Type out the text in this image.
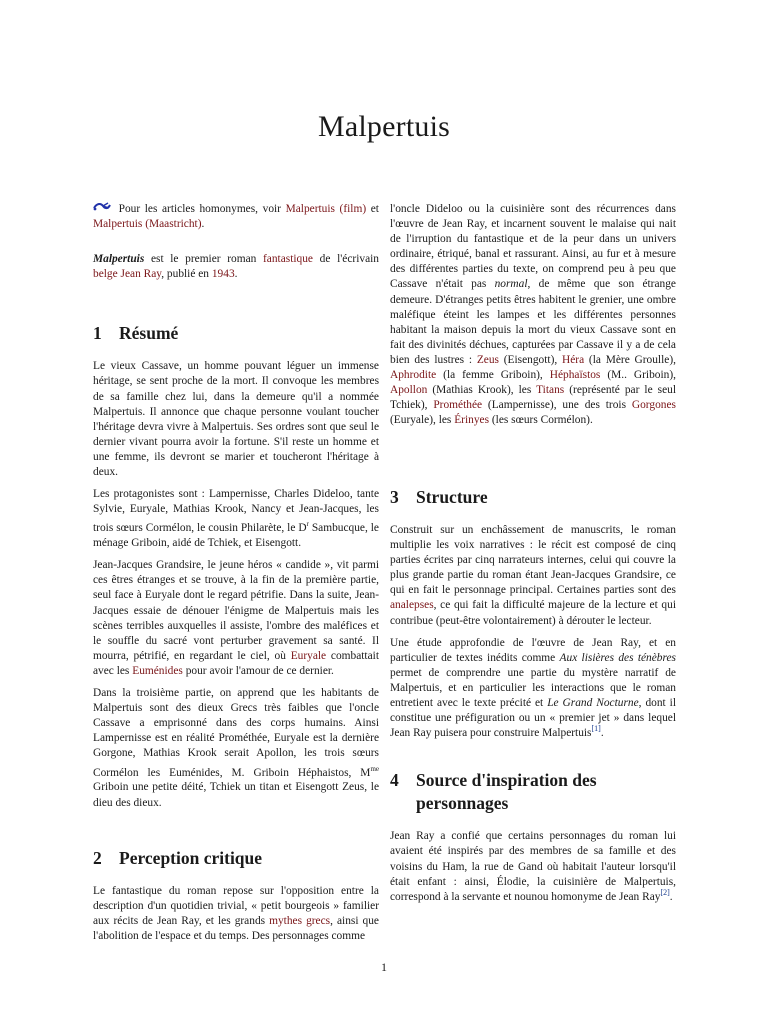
Malpertuis

Pour les articles homonymes, voir Malpertuis (film) et Malpertuis (Maastricht).

Malpertuis est le premier roman fantastique de l'écrivain belge Jean Ray, publié en 1943.

1 Résumé

Le vieux Cassave, un homme pouvant léguer un immense héritage, se sent proche de la mort. Il convoque les membres de sa famille chez lui, dans la demeure qu'il a nommée Malpertuis. Il annonce que chaque personne voulant toucher l'héritage devra vivre à Malpertuis. Ses ordres sont que seul le dernier vivant pourra avoir la fortune. S'il reste un homme et une femme, ils devront se marier et toucheront l'héritage à deux.

Les protagonistes sont : Lampernisse, Charles Dideloo, tante Sylvie, Euryale, Mathias Krook, Nancy et Jean-Jacques, les trois sœurs Cormélon, le cousin Philarète, le $D^r$ Sambucque, le ménage Griboin, aidé de Tchiek, et Eisengott.

Jean-Jacques Grandsire, le jeune héros « candide », vit parmi ces êtres étranges et se trouve, à la fin de la première partie, seul face à Euryale dont le regard pétrifie. Dans la suite, Jean-Jacques essaie de dénouer l'énigme de Malpertuis mais les scènes terribles auxquelles il assiste, l'ombre des maléfices et le souffle du sacré vont perturber gravement sa santé. Il mourra, pétrifié, en regardant le ciel, où Euryale combattait avec les Euménides pour avoir l'amour de ce dernier.

Dans la troisième partie, on apprend que les habitants de Malpertuis sont des dieux Grecs très faibles que l'oncle Cassave a emprisonné dans des corps humains. Ainsi Lampernisse est en réalité Prométhée, Euryale est la dernière Gorgone, Mathias Krook serait Apollon, les trois sœurs Cormélon les Euménides, M. Griboin Héphaistos, $M^{me}$ Griboin une petite déité, Tchiek un titan et Eisengott Zeus, le dieu des dieux.

2 Perception critique

Le fantastique du roman repose sur l'opposition entre la description d'un quotidien trivial, « petit bourgeois » familier aux récits de Jean Ray, et les grands mythes grecs, ainsi que l'abolition de l'espace et du temps. Des personnages comme

3 Structure

Construit sur un enchâssement de manuscrits, le roman multiplie les voix narratives : le récit est composé de cinq parties écrites par cinq narrateurs internes, celui qui couvre la plus grande partie du roman étant Jean-Jacques Grandsire, ce qui en fait le personnage principal. Certaines parties sont des analepses, ce qui fait la difficulté majeure de la lecture et qui contribue (peut-être volontairement) à dérouter le lecteur.

Une étude approfondie de l'œuvre de Jean Ray, et en particulier de textes inédits comme Aux lisières des ténèbres permet de comprendre une partie du mystère narratif de Malpertuis, et en particulier les interactions que le roman entretient avec le texte précité et Le Grand Nocturne, dont il constitue une préfiguration ou un « premier jet » dans lequel Jean Ray puisera pour construire Malpertuis[1].

4 Source d'inspiration des personnages

Jean Ray a confié que certains personnages du roman lui avaient été inspirés par des membres de sa famille et des voisins du Ham, la rue de Gand où habitait l'auteur lorsqu'il était enfant : ainsi, Élodie, la cuisinière de Malpertuis, correspond à la servante et nounou homonyme de Jean Ray[2].

1

l'oncle Dideloo ou la cuisinière sont des récurrences dans l'œuvre de Jean Ray, et incarnent souvent le malaise qui nait de l'irruption du fantastique et de la peur dans un univers ordinaire, étriqué, banal et rassurant. Ainsi, au fur et à mesure des différentes parties du texte, on comprend peu à peu que Cassave n'était pas normal, de même que son étrange demeure. D'étranges petits êtres habitent le grenier, une ombre maléfique éteint les lampes et les différentes personnes habitant la maison depuis la mort du vieux Cassave sont en fait des divinités déchues, capturées par Cassave il y a de cela bien des lustres : Zeus (Eisengott), Héra (la Mère Groulle), Aphrodite (la femme Griboin), Héphaïstos (M.. Griboin), Apollon (Mathias Krook), les Titans (représenté par le seul Tchiek), Prométhée (Lampernisse), une des trois Gorgones (Euryale), les Érinyes (les sœurs Cormélon).
